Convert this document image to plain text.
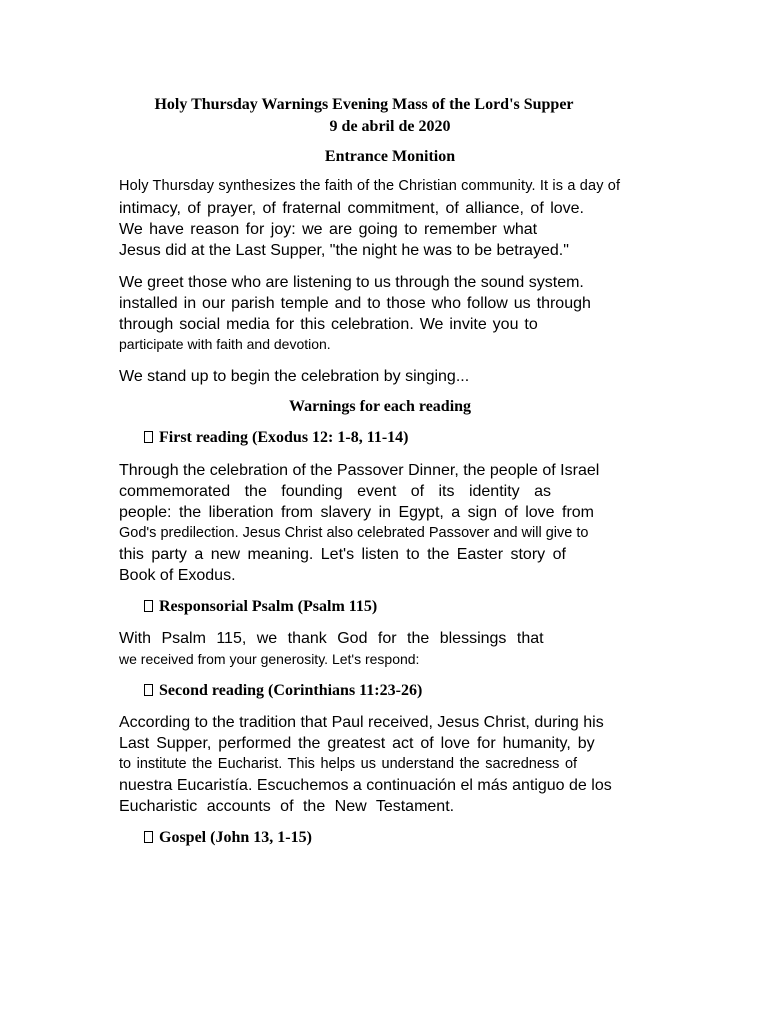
Holy Thursday Warnings Evening Mass of the Lord's Supper
9 de abril de 2020
Entrance Monition
Holy Thursday synthesizes the faith of the Christian community. It is a day of
intimacy, of prayer, of fraternal commitment, of alliance, of love.
We have reason for joy: we are going to remember what
Jesus did at the Last Supper, "the night he was to be betrayed."
We greet those who are listening to us through the sound system.
installed in our parish temple and to those who follow us through
through social media for this celebration. We invite you to
participate with faith and devotion.
We stand up to begin the celebration by singing...
Warnings for each reading
First reading (Exodus 12: 1-8, 11-14)
Through the celebration of the Passover Dinner, the people of Israel
commemorated the founding event of its identity as
people: the liberation from slavery in Egypt, a sign of love from
God's predilection. Jesus Christ also celebrated Passover and will give to
this party a new meaning. Let's listen to the Easter story of
Book of Exodus.
Responsorial Psalm (Psalm 115)
With Psalm 115, we thank God for the blessings that
we received from your generosity. Let's respond:
Second reading (Corinthians 11:23-26)
According to the tradition that Paul received, Jesus Christ, during his
Last Supper, performed the greatest act of love for humanity, by
to institute the Eucharist. This helps us understand the sacredness of
nuestra Eucaristía. Escuchemos a continuación el más antiguo de los
Eucharistic accounts of the New Testament.
Gospel (John 13, 1-15)
